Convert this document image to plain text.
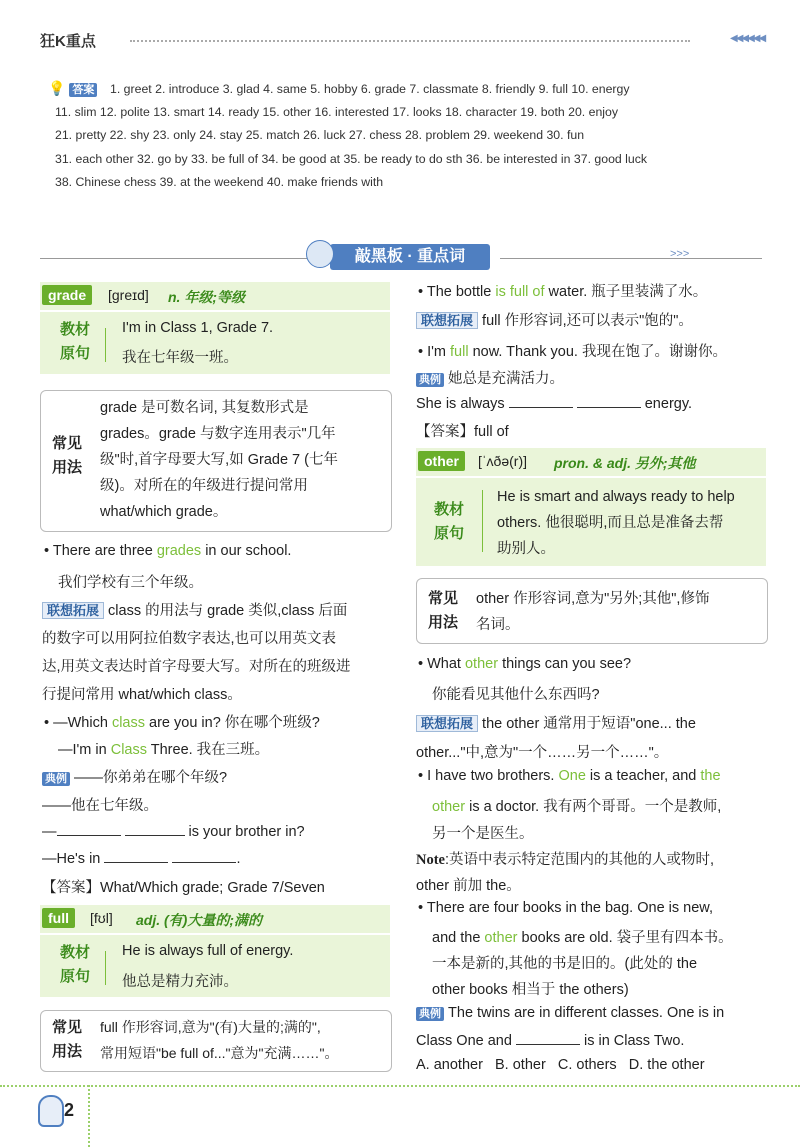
狂K重点	◀◀◀◀◀◀
💡 答案 1. greet 2. introduce 3. glad 4. same 5. hobby 6. grade 7. classmate 8. friendly 9. full 10. energy
11. slim 12. polite 13. smart 14. ready 15. other 16. interested 17. looks 18. character 19. both 20. enjoy
21. pretty 22. shy 23. only 24. stay 25. match 26. luck 27. chess 28. problem 29. weekend 30. fun
31. each other 32. go by 33. be full of 34. be good at 35. be ready to do sth 36. be interested in 37. good luck
38. Chinese chess 39. at the weekend 40. make friends with
>>>
敲黑板 · 重点词
grade	[ɡreɪd] n. 年级;等级
教材
原句
I'm in Class 1, Grade 7.
我在七年级一班。
常见
用法
grade 是可数名词, 其复数形式是
grades。grade 与数字连用表示"几年
级"时,首字母要大写,如 Grade 7 (七年
级)。对所在的年级进行提问常用
what/which grade。
• There are three grades in our school.
我们学校有三个年级。
联想拓展 class 的用法与 grade 类似,class 后面
的数字可以用阿拉伯数字表达,也可以用英文表
达,用英文表达时首字母要大写。对所在的班级进
行提问常用 what/which class。
• —Which class are you in? 你在哪个班级?
—I'm in Class Three. 我在三班。
典例 ——你弟弟在哪个年级?
——他在七年级。
—	is your brother in?
—He's in	.
【答案】What/Which grade; Grade 7/Seven
full	[fʊl] adj. (有)大量的;满的
教材
原句
He is always full of energy.
他总是精力充沛。
常见
用法
full 作形容词,意为"(有)大量的;满的",
常用短语"be full of..."意为"充满……"。
2
• The bottle is full of water. 瓶子里装满了水。
联想拓展 full 作形容词,还可以表示"饱的"。
• I'm full now. Thank you. 我现在饱了。谢谢你。
典例 她总是充满活力。
She is always	energy.
【答案】full of
other	[ˈʌðə(r)] pron. & adj. 另外;其他
教材
原句
He is smart and always ready to help
others. 他很聪明,而且总是准备去帮
助别人。
常见
用法
other 作形容词,意为"另外;其他",修饰
名词。
• What other things can you see?
你能看见其他什么东西吗?
联想拓展 the other 通常用于短语"one... the
other..."中,意为"一个……另一个……"。
• I have two brothers. One is a teacher, and the
other is a doctor. 我有两个哥哥。一个是教师,
另一个是医生。
Note:英语中表示特定范围内的其他的人或物时,
other 前加 the。
• There are four books in the bag. One is new,
and the other books are old. 袋子里有四本书。
一本是新的,其他的书是旧的。(此处的 the
other books 相当于 the others)
典例 The twins are in different classes. One is in
Class One and	is in Class Two.
A. another   B. other   C. others   D. the other
